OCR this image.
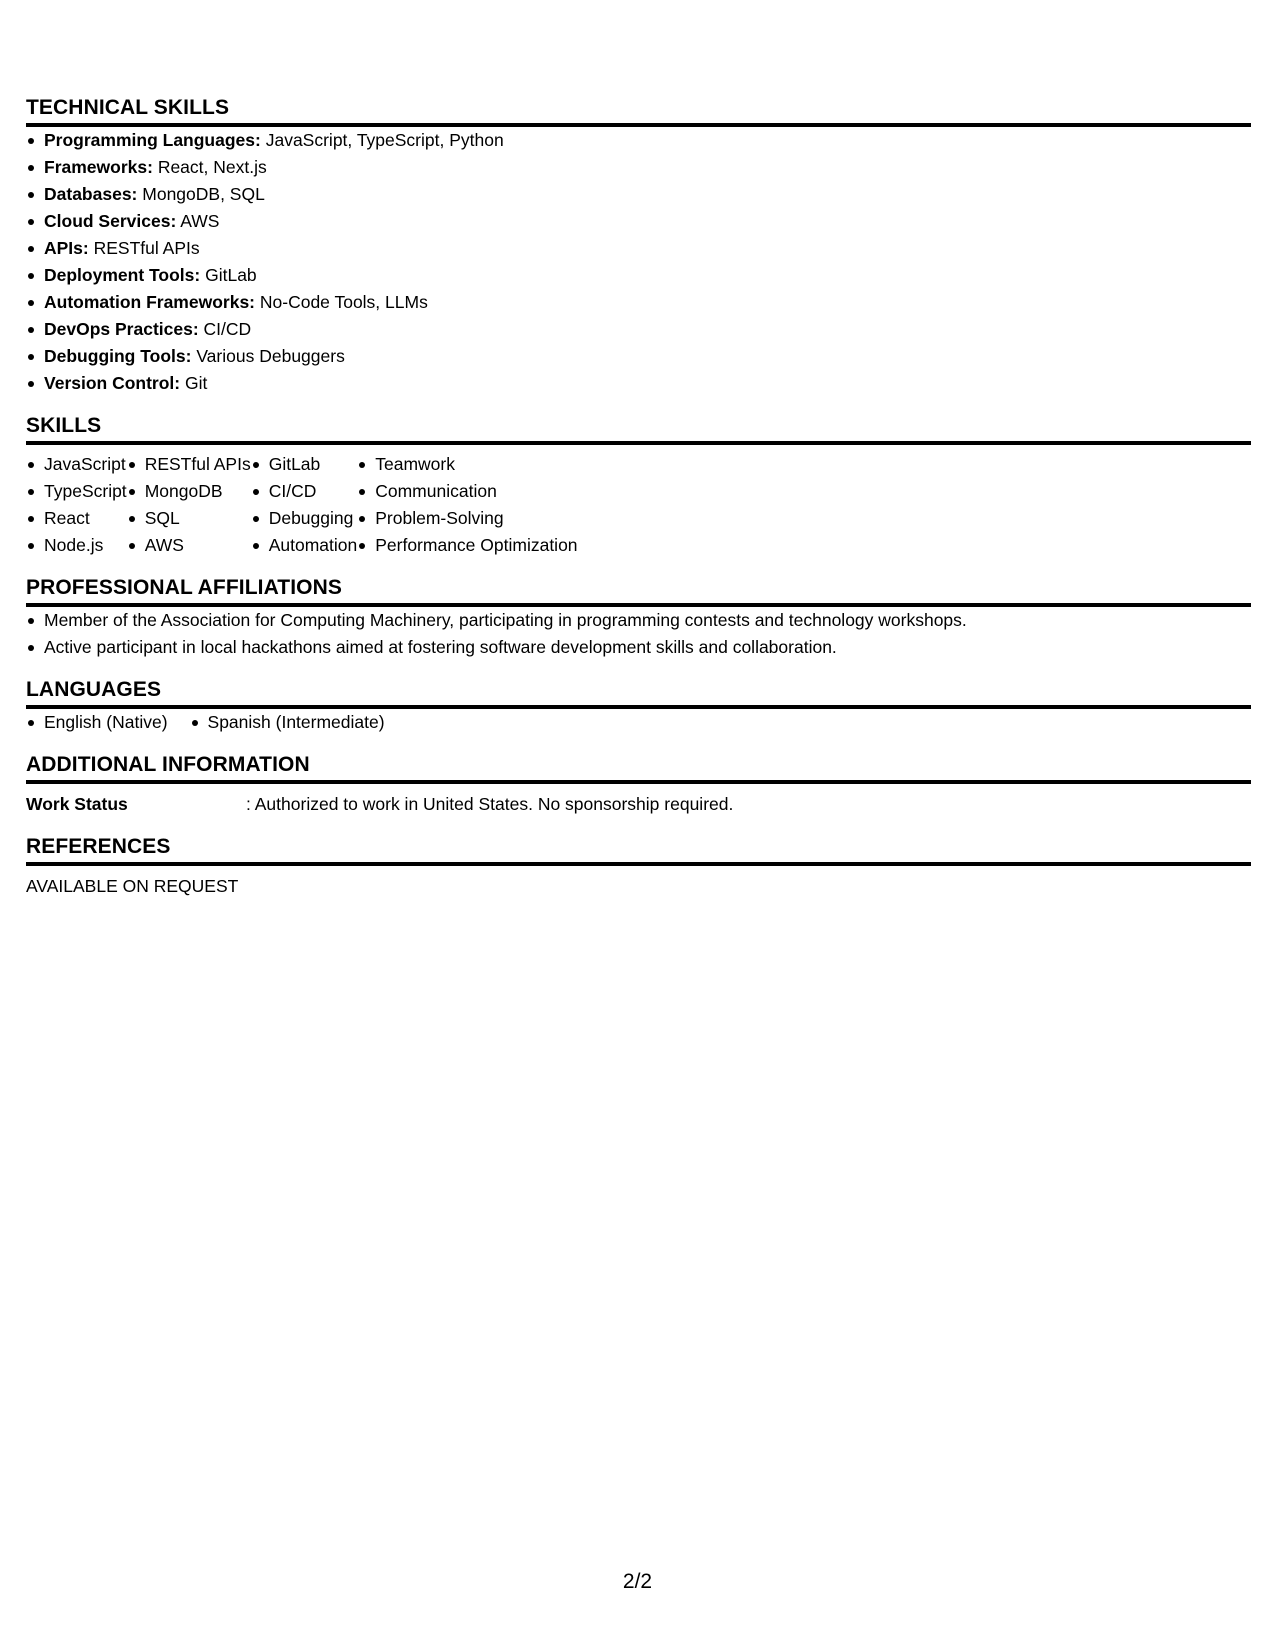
TECHNICAL SKILLS
Programming Languages: JavaScript, TypeScript, Python
Frameworks: React, Next.js
Databases: MongoDB, SQL
Cloud Services: AWS
APIs: RESTful APIs
Deployment Tools: GitLab
Automation Frameworks: No-Code Tools, LLMs
DevOps Practices: CI/CD
Debugging Tools: Various Debuggers
Version Control: Git
SKILLS
JavaScript
TypeScript
React
Node.js
RESTful APIs
MongoDB
SQL
AWS
GitLab
CI/CD
Debugging
Automation
Teamwork
Communication
Problem-Solving
Performance Optimization
PROFESSIONAL AFFILIATIONS
Member of the Association for Computing Machinery, participating in programming contests and technology workshops.
Active participant in local hackathons aimed at fostering software development skills and collaboration.
LANGUAGES
English (Native)	Spanish (Intermediate)
ADDITIONAL INFORMATION
Work Status	: Authorized to work in United States. No sponsorship required.
REFERENCES
AVAILABLE ON REQUEST
2/2
